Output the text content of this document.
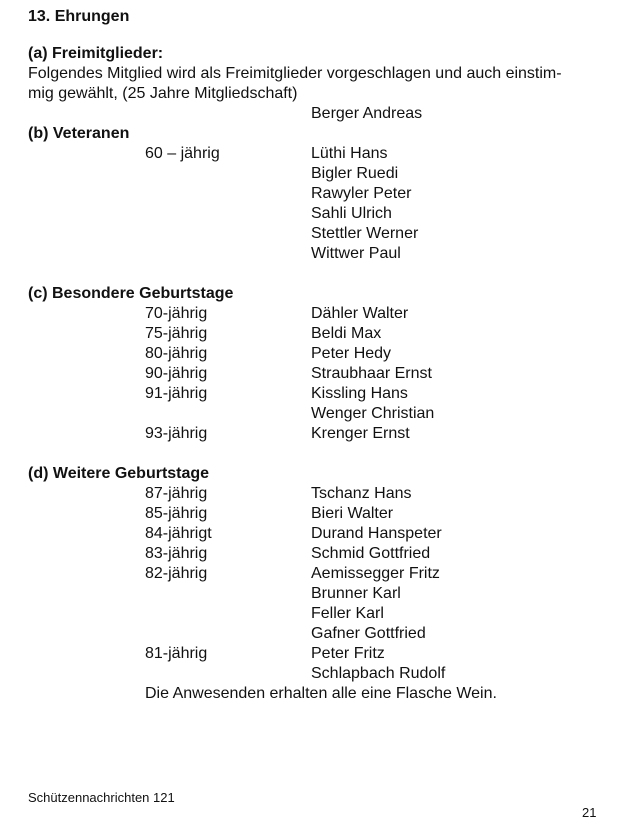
13. Ehrungen
(a) Freimitglieder:
Folgendes Mitglied wird als Freimitglieder vorgeschlagen und auch einstim-
mig gewählt, (25 Jahre Mitgliedschaft)
Berger Andreas
(b) Veteranen
60 – jährig	Lüthi Hans
Bigler Ruedi
Rawyler Peter
Sahli Ulrich
Stettler Werner
Wittwer Paul
(c) Besondere Geburtstage
70-jährig	Dähler Walter
75-jährig	Beldi Max
80-jährig	Peter Hedy
90-jährig	Straubhaar Ernst
91-jährig	Kissling Hans
Wenger Christian
93-jährig	Krenger Ernst
(d) Weitere Geburtstage
87-jährig	Tschanz Hans
85-jährig	Bieri Walter
84-jährigt	Durand Hanspeter
83-jährig	Schmid Gottfried
82-jährig	Aemissegger Fritz
Brunner Karl
Feller Karl
Gafner Gottfried
81-jährig	Peter Fritz
Schlapbach Rudolf
Die Anwesenden erhalten alle eine Flasche Wein.
Schützennachrichten 121
21
